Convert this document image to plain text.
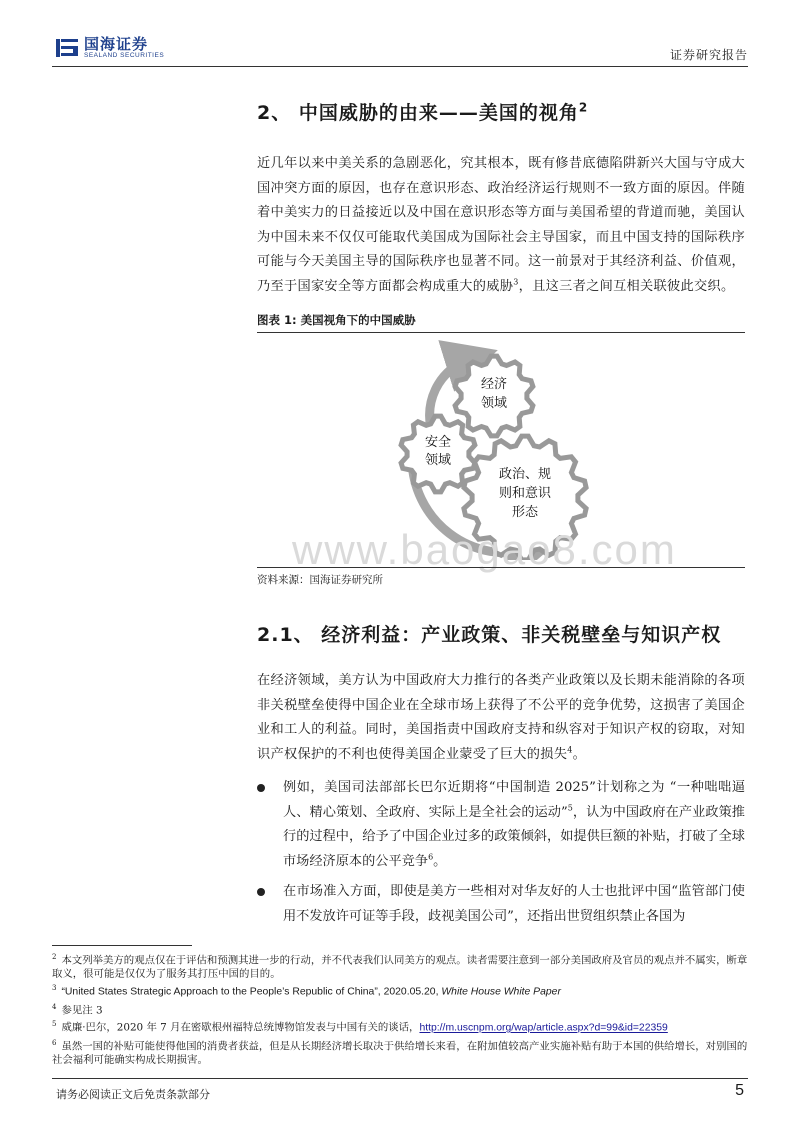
国海证券
SEALAND SECURITIES	证券研究报告
2、 中国威胁的由来——美国的视角$^2$
近几年以来中美关系的急剧恶化，究其根本，既有修昔底德陷阱新兴大国与守成大国冲突方面的原因，也存在意识形态、政治经济运行规则不一致方面的原因。伴随着中美实力的日益接近以及中国在意识形态等方面与美国希望的背道而驰，美国认为中国未来不仅仅可能取代美国成为国际社会主导国家，而且中国支持的国际秩序可能与今天美国主导的国际秩序也显著不同。这一前景对于其经济利益、价值观，乃至于国家安全等方面都会构成重大的威胁$^3$，且这三者之间互相关联彼此交织。
图表 1: 美国视角下的中国威胁
经济
领域
安全
领域
政治、规
则和意识
形态
www.baogao8.com
资料来源：国海证券研究所
2.1、 经济利益：产业政策、非关税壁垒与知识产权
在经济领域，美方认为中国政府大力推行的各类产业政策以及长期未能消除的各项非关税壁垒使得中国企业在全球市场上获得了不公平的竞争优势，这损害了美国企业和工人的利益。同时，美国指责中国政府支持和纵容对于知识产权的窃取，对知识产权保护的不利也使得美国企业蒙受了巨大的损失$^4$。
例如，美国司法部部长巴尔近期将“中国制造 2025”计划称之为 “一种咄咄逼人、精心策划、全政府、实际上是全社会的运动”$^5$，认为中国政府在产业政策推行的过程中，给予了中国企业过多的政策倾斜，如提供巨额的补贴，打破了全球市场经济原本的公平竞争$^6$。
在市场准入方面，即使是美方一些相对对华友好的人士也批评中国“监管部门使用不发放许可证等手段，歧视美国公司”，还指出世贸组织禁止各国为

$^2$ 本文列举美方的观点仅在于评估和预测其进一步的行动，并不代表我们认同美方的观点。读者需要注意到一部分美国政府及官员的观点并不属实，断章取义，很可能是仅仅为了服务其打压中国的目的。

$^3$ “United States Strategic Approach to the People’s Republic of China”, 2020.05.20, White House White Paper

$^4$ 参见注 3

$^5$ 威廉·巴尔，2020 年 7 月在密歇根州福特总统博物馆发表与中国有关的谈话，http://m.uscnpm.org/wap/article.aspx?d=99&id=22359

$^6$ 虽然一国的补贴可能使得他国的消费者获益，但是从长期经济增长取决于供给增长来看，在附加值较高产业实施补贴有助于本国的供给增长，对别国的社会福利可能确实构成长期损害。

请务必阅读正文后免责条款部分	5
